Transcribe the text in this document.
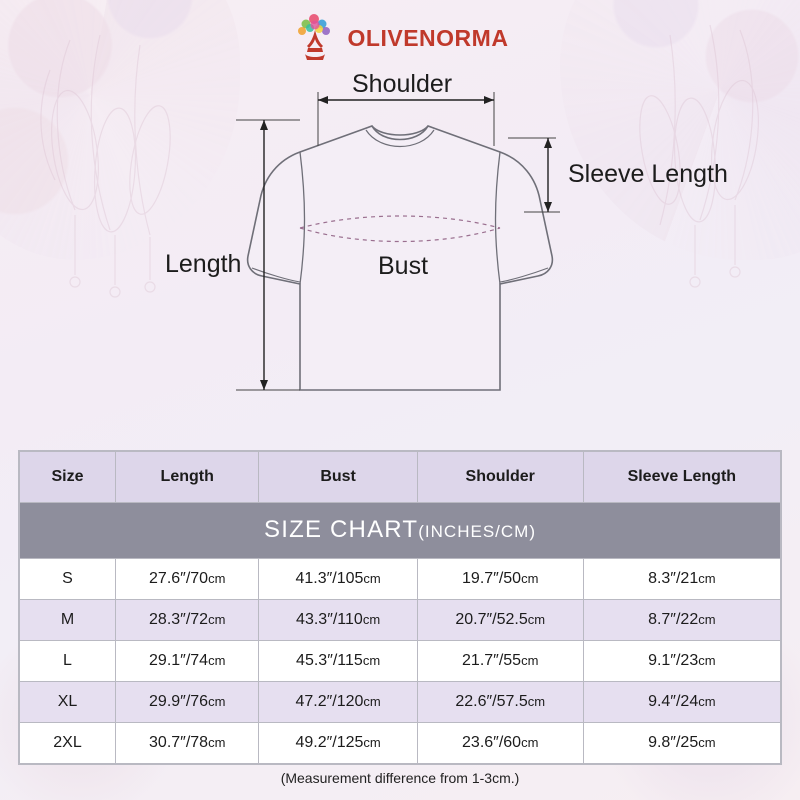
OLIVENORMA
Shoulder
Sleeve Length
Length	Bust
SIZE CHART(INCHES/CM)				
Size	Length	Bust	Shoulder	Sleeve Length
S	27.6″/70cm	41.3″/105cm	19.7″/50cm	8.3″/21cm
M	28.3″/72cm	43.3″/110cm	20.7″/52.5cm	8.7″/22cm
L	29.1″/74cm	45.3″/115cm	21.7″/55cm	9.1″/23cm
XL	29.9″/76cm	47.2″/120cm	22.6″/57.5cm	9.4″/24cm
2XL	30.7″/78cm	49.2″/125cm	23.6″/60cm	9.8″/25cm
(Measurement difference from 1-3cm.)
